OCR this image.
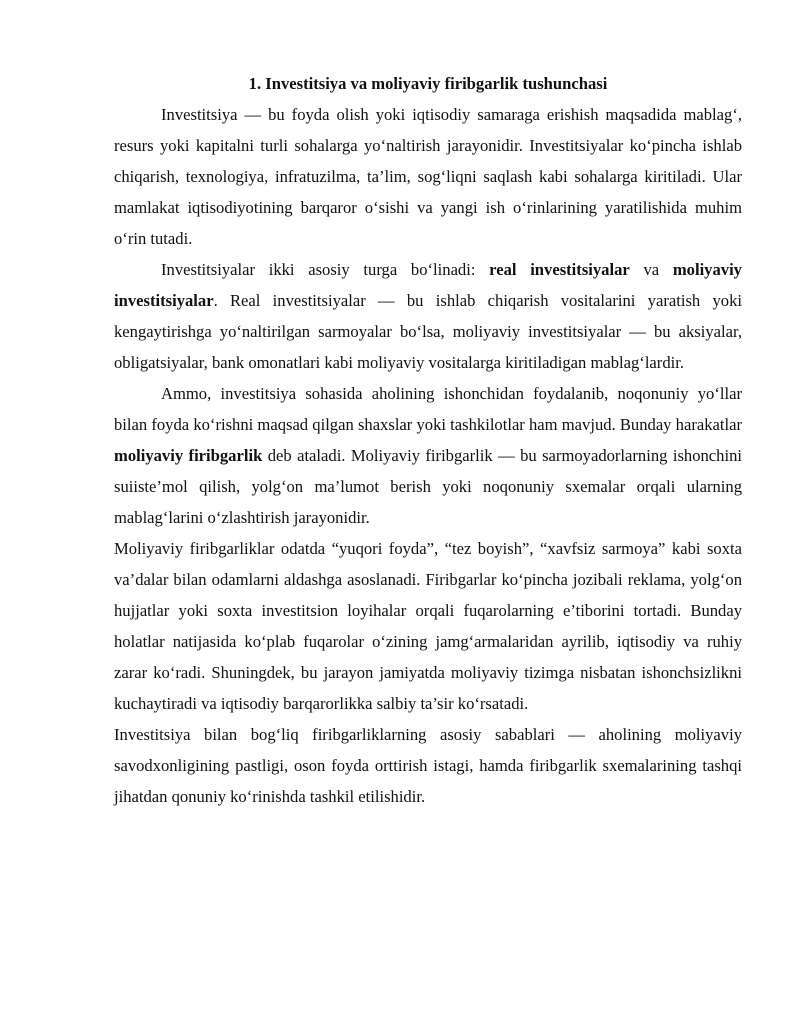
1. Investitsiya va moliyaviy firibgarlik tushunchasi

Investitsiya — bu foyda olish yoki iqtisodiy samaraga erishish maqsadida mablag‘, resurs yoki kapitalni turli sohalarga yo‘naltirish jarayonidir. Investitsiyalar ko‘pincha ishlab chiqarish, texnologiya, infratuzilma, ta’lim, sog‘liqni saqlash kabi sohalarga kiritiladi. Ular mamlakat iqtisodiyotining barqaror o‘sishi va yangi ish o‘rinlarining yaratilishida muhim o‘rin tutadi.

Investitsiyalar ikki asosiy turga bo‘linadi: real investitsiyalar va moliyaviy investitsiyalar. Real investitsiyalar — bu ishlab chiqarish vositalarini yaratish yoki kengaytirishga yo‘naltirilgan sarmoyalar bo‘lsa, moliyaviy investitsiyalar — bu aksiyalar, obligatsiyalar, bank omonatlari kabi moliyaviy vositalarga kiritiladigan mablag‘lardir.

Ammo, investitsiya sohasida aholining ishonchidan foydalanib, noqonuniy yo‘llar bilan foyda ko‘rishni maqsad qilgan shaxslar yoki tashkilotlar ham mavjud. Bunday harakatlar moliyaviy firibgarlik deb ataladi. Moliyaviy firibgarlik — bu sarmoyadorlarning ishonchini suiiste’mol qilish, yolg‘on ma’lumot berish yoki noqonuniy sxemalar orqali ularning mablag‘larini o‘zlashtirish jarayonidir.

Moliyaviy firibgarliklar odatda “yuqori foyda”, “tez boyish”, “xavfsiz sarmoya” kabi soxta va’dalar bilan odamlarni aldashga asoslanadi. Firibgarlar ko‘pincha jozibali reklama, yolg‘on hujjatlar yoki soxta investitsion loyihalar orqali fuqarolarning e’tiborini tortadi. Bunday holatlar natijasida ko‘plab fuqarolar o‘zining jamg‘armalaridan ayrilib, iqtisodiy va ruhiy zarar ko‘radi. Shuningdek, bu jarayon jamiyatda moliyaviy tizimga nisbatan ishonchsizlikni kuchaytiradi va iqtisodiy barqarorlikka salbiy ta’sir ko‘rsatadi.

Investitsiya bilan bog‘liq firibgarliklarning asosiy sabablari — aholining moliyaviy savodxonligining pastligi, oson foyda orttirish istagi, hamda firibgarlik sxemalarining tashqi jihatdan qonuniy ko‘rinishda tashkil etilishidir.
